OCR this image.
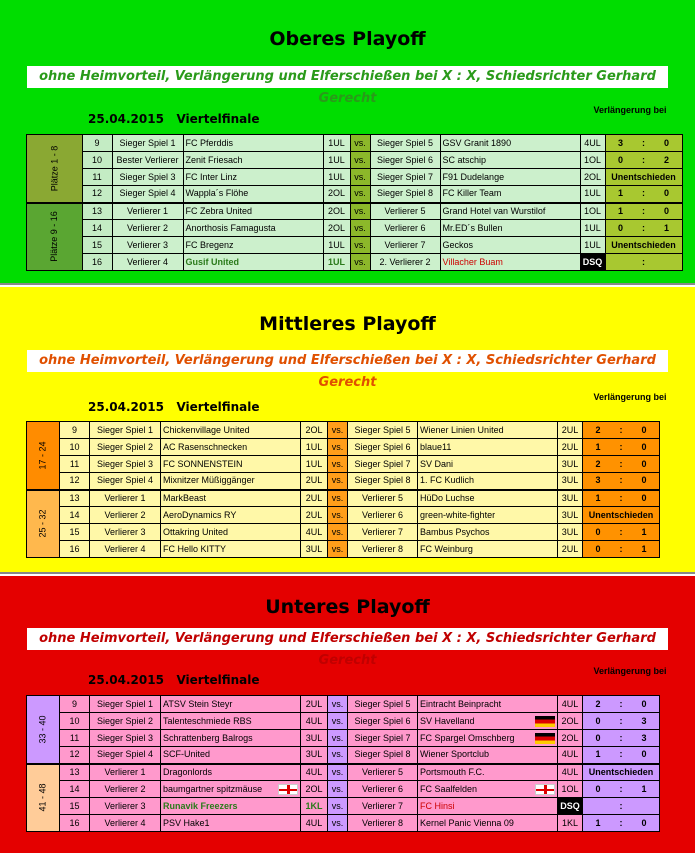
Oberes Playoff
ohne Heimvorteil, Verlängerung und Elferschießen bei X : X, Schiedsrichter Gerhard Gerecht
25.04.2015 Viertelfinale
Verlängerung bei
Plätze 1 - 8	9	Sieger Spiel 1	FC Pferddis	1UL	vs.	Sieger Spiel 5	GSV Granit 1890	4UL	3 : 0
	10	Bester Verlierer	Zenit Friesach	1UL	vs.	Sieger Spiel 6	SC atschip	1OL	0 : 2
	11	Sieger Spiel 3	FC Inter Linz	1UL	vs.	Sieger Spiel 7	F91 Dudelange	2OL	Unentschieden
	12	Sieger Spiel 4	Wappla´s Flöhe	2OL	vs.	Sieger Spiel 8	FC Killer Team	1UL	1 : 0
Plätze 9 - 16	13	Verlierer 1	FC Zebra United	2OL	vs.	Verlierer 5	Grand Hotel van Wurstilof	1OL	1 : 0
	14	Verlierer 2	Anorthosis Famagusta	2OL	vs.	Verlierer 6	Mr.ED´s Bullen	1UL	0 : 1
	15	Verlierer 3	FC Bregenz	1UL	vs.	Verlierer 7	Geckos	1UL	Unentschieden
	16	Verlierer 4	Gusif United	1UL	vs.	2. Verlierer 2	Villacher Buam	DSQ	:
Mittleres Playoff
ohne Heimvorteil, Verlängerung und Elferschießen bei X : X, Schiedsrichter Gerhard Gerecht
25.04.2015 Viertelfinale
Verlängerung bei
17 - 24	9	Sieger Spiel 1	Chickenvillage United	2OL	vs.	Sieger Spiel 5	Wiener Linien United	2UL	2 : 0
	10	Sieger Spiel 2	AC Rasenschnecken	1UL	vs.	Sieger Spiel 6	blaue11	2UL	1 : 0
	11	Sieger Spiel 3	FC SONNENSTEIN	1UL	vs.	Sieger Spiel 7	SV Dani	3UL	2 : 0
	12	Sieger Spiel 4	Mixnitzer Müßiggänger	2UL	vs.	Sieger Spiel 8	1. FC Kudlich	3UL	3 : 0
25 - 32	13	Verlierer 1	MarkBeast	2UL	vs.	Verlierer 5	HüDo Luchse	3UL	1 : 0
	14	Verlierer 2	AeroDynamics RY	2UL	vs.	Verlierer 6	green-white-fighter	3UL	Unentschieden
	15	Verlierer 3	Ottakring United	4UL	vs.	Verlierer 7	Bambus Psychos	3UL	0 : 1
	16	Verlierer 4	FC Hello KITTY	3UL	vs.	Verlierer 8	FC Weinburg	2UL	0 : 1
Unteres Playoff
ohne Heimvorteil, Verlängerung und Elferschießen bei X : X, Schiedsrichter Gerhard Gerecht
25.04.2015 Viertelfinale
Verlängerung bei
33 - 40	9	Sieger Spiel 1	ATSV Stein Steyr	2UL	vs.	Sieger Spiel 5	Eintracht Beinpracht	4UL	2 : 0
	10	Sieger Spiel 2	Talenteschmiede RBS	4UL	vs.	Sieger Spiel 6	SV Havelland	2OL	0 : 3
	11	Sieger Spiel 3	Schrattenberg Balrogs	3UL	vs.	Sieger Spiel 7	FC Spargel Omschberg	2OL	0 : 3
	12	Sieger Spiel 4	SCF-United	3UL	vs.	Sieger Spiel 8	Wiener Sportclub	4UL	1 : 0
41 - 48	13	Verlierer 1	Dragonlords	4UL	vs.	Verlierer 5	Portsmouth F.C.	4UL	Unentschieden
	14	Verlierer 2	baumgartner spitzmäuse	2OL	vs.	Verlierer 6	FC Saalfelden	1OL	0 : 1
	15	Verlierer 3	Runavik Freezers	1KL	vs.	Verlierer 7	FC Hinsi	DSQ	:
	16	Verlierer 4	PSV Hake1	4UL	vs.	Verlierer 8	Kernel Panic Vienna 09	1KL	1 : 0
